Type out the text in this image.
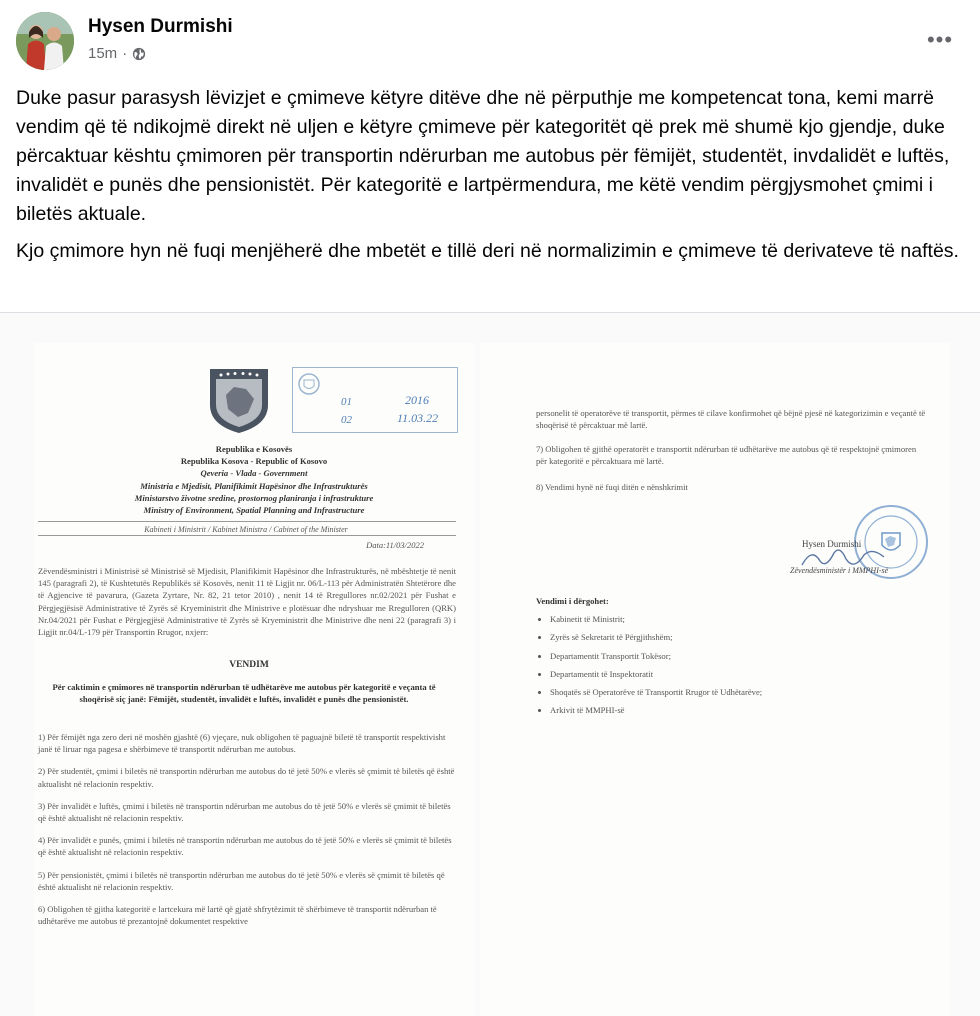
Hysen Durmishi
15m ·
•••

Duke pasur parasysh lëvizjet e çmimeve këtyre ditëve dhe në përputhje me kompetencat tona, kemi marrë vendim që të ndikojmë direkt në uljen e këtyre çmimeve për kategoritët që prek më shumë kjo gjendje, duke përcaktuar kështu çmimoren për transportin ndërurban me autobus për fëmijët, studentët, invdalidët e luftës, invalidët e punës dhe pensionistët. Për kategoritë e lartpërmendura, me këtë vendim përgjysmohet çmimi i biletës aktuale.

Kjo çmimore hyn në fuqi menjëherë dhe mbetët e tillë deri në normalizimin e çmimeve të derivateve të naftës.

01	2016
02	11.03.22
Republika e Kosovës
Republika Kosova - Republic of Kosovo
Qeveria - Vlada - Government
Ministria e Mjedisit, Planifikimit Hapësinor dhe Infrastrukturës
Ministarstvo životne sredine, prostornog planiranja i infrastrukture
Ministry of Environment, Spatial Planning and Infrastructure
Kabineti i Ministrit / Kabinet Ministra / Cabinet of the Minister
Data:11/03/2022
Zëvendësministri i Ministrisë së Ministrisë së Mjedisit, Planifikimit Hapësinor dhe Infrastrukturës, në mbështetje të nenit 145 (paragrafi 2), të Kushtetutës Republikës së Kosovës, nenit 11 të Ligjit nr. 06/L-113 për Administratën Shtetërore dhe të Agjencive të pavarura, (Gazeta Zyrtare, Nr. 82, 21 tetor 2010) , nenit 14 të Rregullores nr.02/2021 për Fushat e Përgjegjësisë Administrative të Zyrës së Kryeministrit dhe Ministrive e plotësuar dhe ndryshuar me Rregulloren (QRK) Nr.04/2021 për Fushat e Përgjegjësë Administrative të Zyrës së Kryeministrit dhe Ministrive dhe neni 22 (paragrafi 3) i Ligjit nr.04/L-179 për Transportin Rrugor, nxjerr:
VENDIM
Për caktimin e çmimores në transportin ndërurban të udhëtarëve me autobus për kategoritë e veçanta të shoqërisë siç janë: Fëmijët, studentët, invalidët e luftës, invalidët e punës dhe pensionistët.
1) Për fëmijët nga zero deri në moshën gjashtë (6) vjeçare, nuk obligohen të paguajnë biletë të transportit respektivisht janë të liruar nga pagesa e shërbimeve të transportit ndërurban me autobus.
2) Për studentët, çmimi i biletës në transportin ndërurban me autobus do të jetë 50% e vlerës së çmimit të biletës që është aktualisht në relacionin respektiv.
3) Për invalidët e luftës, çmimi i biletës në transportin ndërurban me autobus do të jetë 50% e vlerës së çmimit të biletës që është aktualisht në relacionin respektiv.
4) Për invalidët e punës, çmimi i biletës në transportin ndërurban me autobus do të jetë 50% e vlerës së çmimit të biletës që është aktualisht në relacionin respektiv.
5) Për pensionistët, çmimi i biletës në transportin ndërurban me autobus do të jetë 50% e vlerës së çmimit të biletës që është aktualisht në relacionin respektiv.
6) Obligohen të gjitha kategoritë e lartcekura më lartë që gjatë shfrytëzimit të shërbimeve të transportit ndërurban të udhëtarëve me autobus të prezantojnë dokumentet respektive
personelit të operatorëve të transportit, përmes të cilave konfirmohet që bëjnë pjesë në kategorizimin e veçantë të shoqërisë të përcaktuar më lartë.
7) Obligohen të gjithë operatorët e transportit ndërurban të udhëtarëve me autobus që të respektojnë çmimoren për kategoritë e përcaktuara më lartë.
8) Vendimi hynë në fuqi ditën e nënshkrimit
Hysen Durmishi
Zëvendësministër i MMPHI-së
Vendimi i dërgohet:
• Kabinetit të Ministrit;
• Zyrës së Sekretarit të Përgjithshëm;
• Departamentit Transportit Tokësor;
• Departamentit të Inspektoratit
• Shoqatës së Operatorëve të Transportit Rrugor të Udhëtarëve;
• Arkivit të MMPHI-së
